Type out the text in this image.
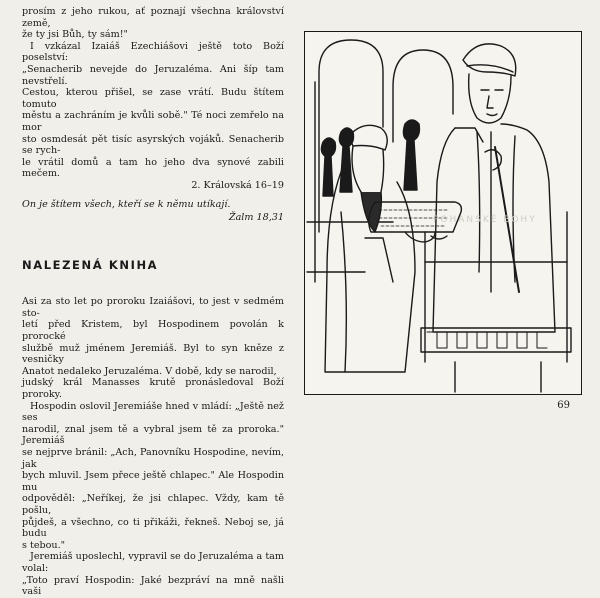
prosím z jeho rukou, ať poznají všechna království země,

že ty jsi Bůh, ty sám!"

I vzkázal Izaiáš Ezechiášovi ještě toto Boží poselství:

„Senacherib nevejde do Jeruzaléma. Ani šíp tam nevstřelí.

Cestou, kterou přišel, se zase vrátí. Budu štítem tomuto

městu a zachráním je kvůli sobě." Té noci zemřelo na mor

sto osmdesát pět tisíc asyrských vojáků. Senacherib se rych-

le vrátil domů a tam ho jeho dva synové zabili mečem.

2. Královská 16–19

On je štítem všech, kteří se k němu utíkají.

Žalm 18,31

NALEZENÁ KNIHA

Asi za sto let po proroku Izaiášovi, to jest v sedmém sto-

letí před Kristem, byl Hospodinem povolán k prorocké

službě muž jménem Jeremiáš. Byl to syn kněze z vesničky

Anatot nedaleko Jeruzaléma. V době, kdy se narodil,

judský král Manasses krutě pronásledoval Boží proroky.

Hospodin oslovil Jeremiáše hned v mládí: „Ještě než ses

narodil, znal jsem tě a vybral jsem tě za proroka." Jeremiáš

se nejprve bránil: „Ach, Panovníku Hospodine, nevím, jak

bych mluvil. Jsem přece ještě chlapec." Ale Hospodin mu

odpověděl: „Neříkej, že jsi chlapec. Vždy, kam tě pošlu,

půjdeš, a všechno, co ti přikáži, řekneš. Neboj se, já budu

s tebou."

Jeremiáš uposlechl, vypravil se do Jeruzaléma a tam volal:

„Toto praví Hospodin: Jaké bezpráví na mně našli vaši

POHANSKÉ BOHY
69
